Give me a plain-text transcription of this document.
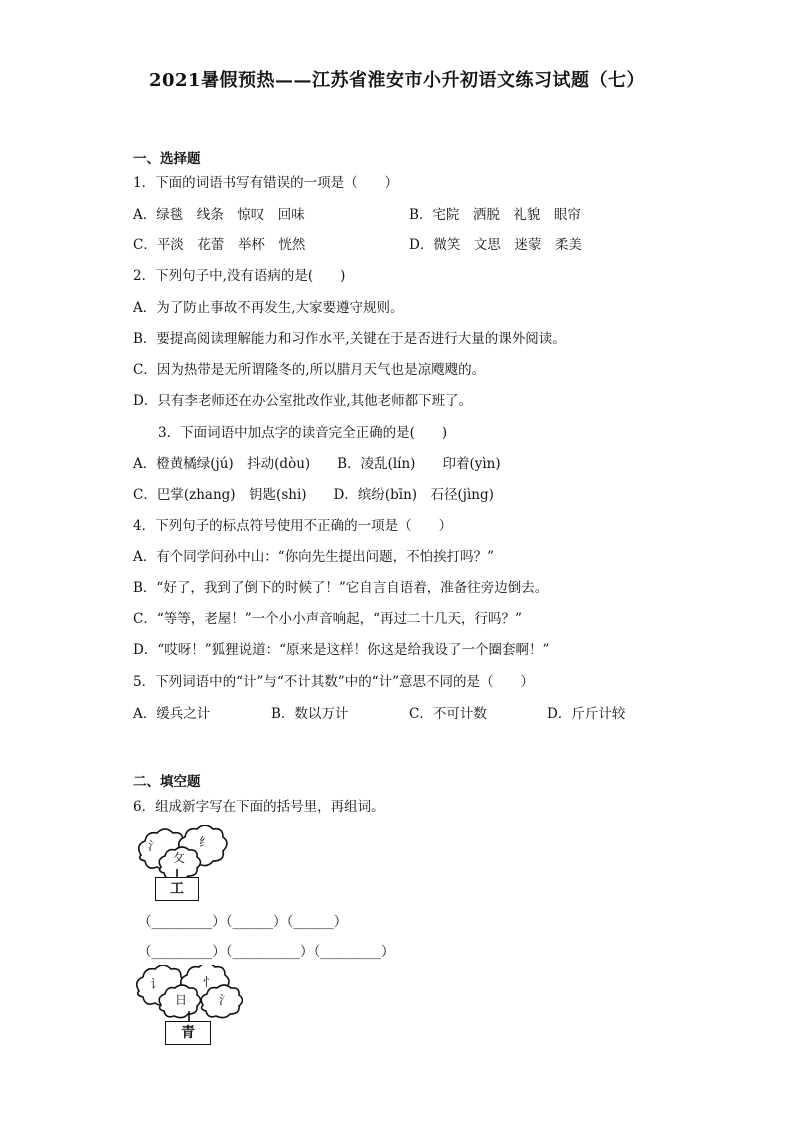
2021暑假预热——江苏省淮安市小升初语文练习试题（七）
一、选择题
1．下面的词语书写有错误的一项是（　　）
A．绿毯　线条　惊叹　回味	B．宅院　洒脱　礼貌　眼帘
C．平淡　花蕾　举杯　恍然	D．微笑　文思　迷蒙　柔美
2．下列句子中,没有语病的是(　　)
A．为了防止事故不再发生,大家要遵守规则。
B．要提高阅读理解能力和习作水平,关键在于是否进行大量的课外阅读。
C．因为热带是无所谓隆冬的,所以腊月天气也是凉飕飕的。
D．只有李老师还在办公室批改作业,其他老师都下班了。
3．下面词语中加点字的读音完全正确的是(　　)
A．橙黄橘绿(jú)　抖动(dòu)　　B．凌乱(lín)　　印着(yìn)
C．巴掌(zhang)　钥匙(shi)　　D．缤纷(bīn)　石径(jìng)
4．下列句子的标点符号使用不正确的一项是（　　）
A．有个同学问孙中山：“你向先生提出问题，不怕挨打吗？”
B．“好了，我到了倒下的时候了！”它自言自语着，准备往旁边倒去。
C．“等等，老屋！”一个小小声音响起，“再过二十几天，行吗？”
D．“哎呀！”狐狸说道：“原来是这样！你这是给我设了一个圈套啊！”
5．下列词语中的“计”与“不计其数”中的“计”意思不同的是（　　）
A．缓兵之计	B．数以万计	C．不可计数	D．斤斤计较
二、填空题
6．组成新字写在下面的括号里，再组词。
氵	纟
攵
工
（_________）（______）（______）
（_________）（__________）（_________）
讠	忄
日	氵
青
